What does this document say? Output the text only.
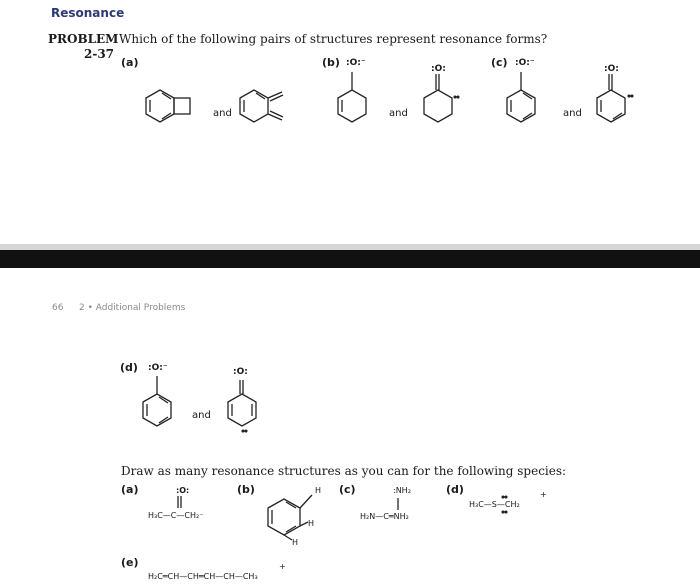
Resonance
PROBLEM Which of the following pairs of structures represent resonance forms?
2-37
(a)	(b)	(c)
and	and	and
:O:⁻
:O:
:O:⁻
:O:
66 2 • Additional Problems
(d) :O:⁻	:O:
and
Draw as many resonance structures as you can for the following species:
(a)	(b)	(c)	(d)
(e)
:O:
H₃C—C—CH₂⁻
H
H
H
:NH₂
H₂N—C═NH₂
H₃C—S—CH₂
+
H₂C═CH—CH═CH—CH—CH₃
+
